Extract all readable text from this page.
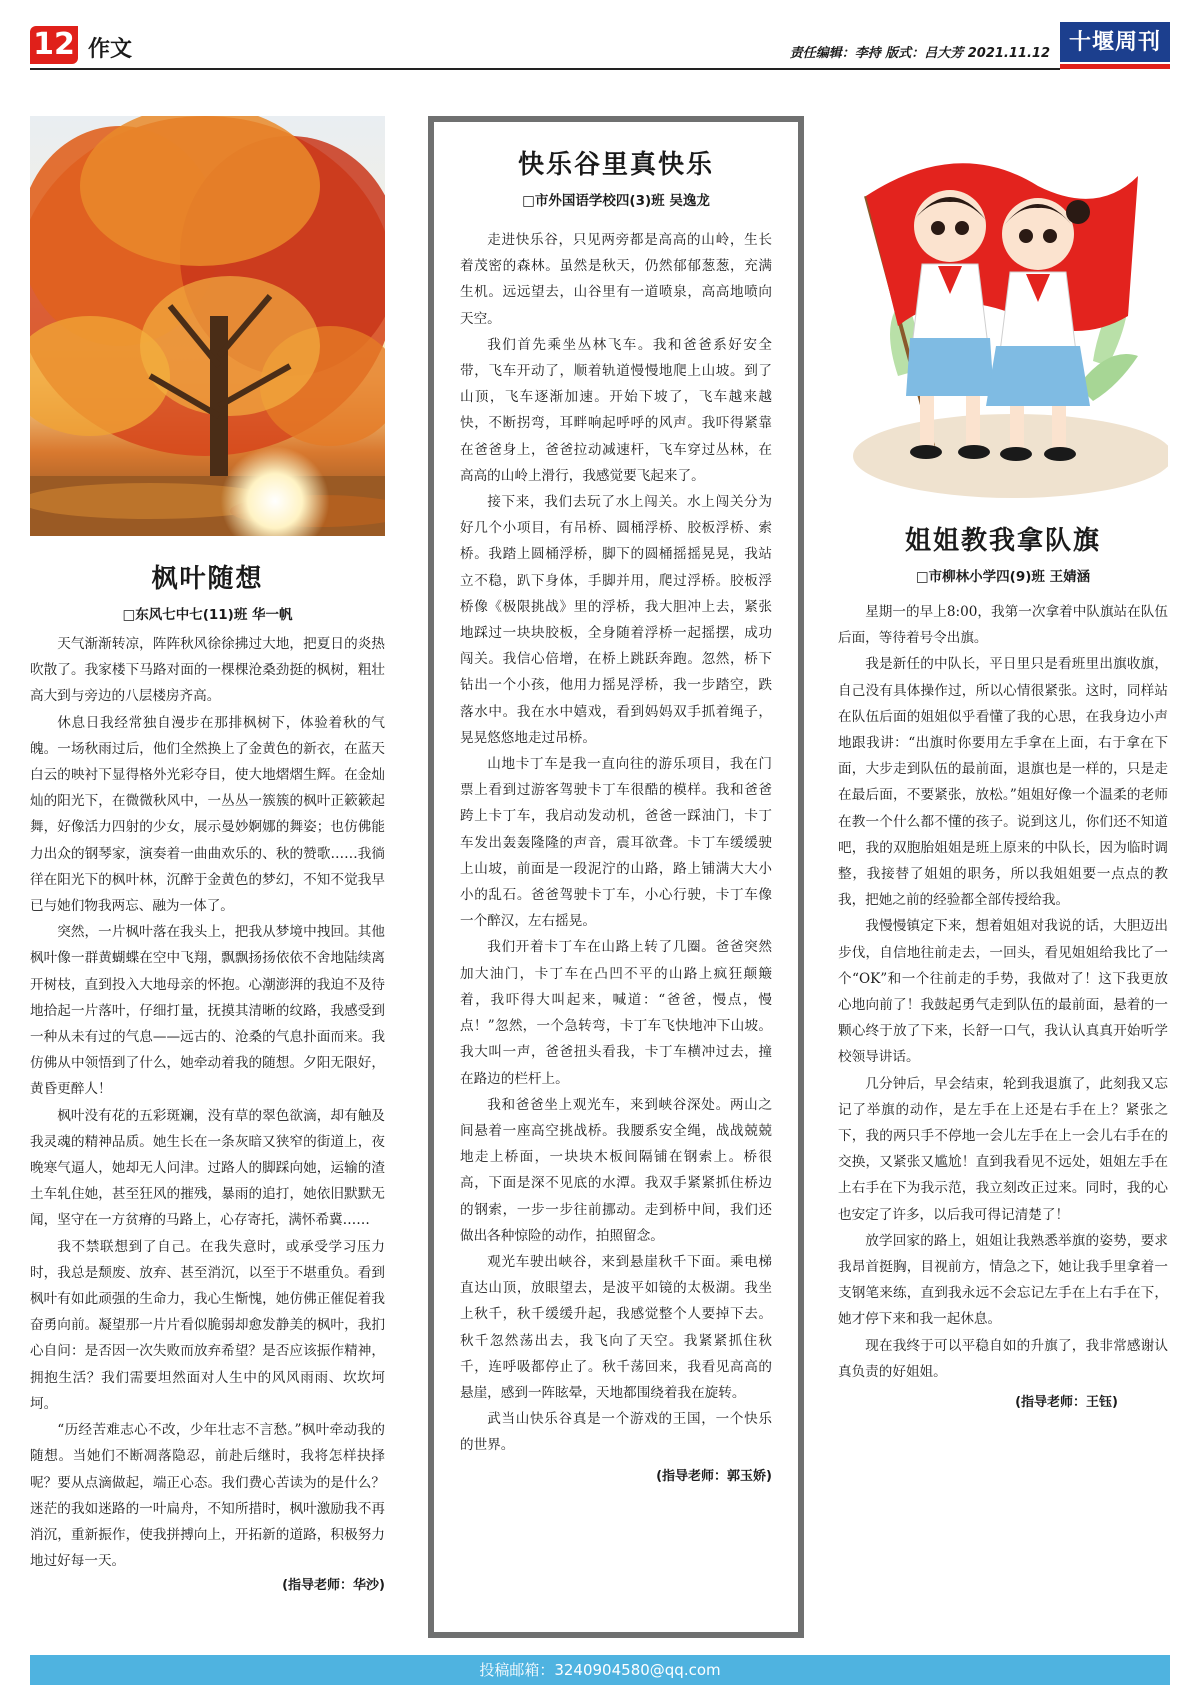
12 作文	责任编辑：李持 版式：吕大芳 2021.11.12 十堰周刊
枫叶随想
□东风七中七(11)班 华一帆

天气渐渐转凉，阵阵秋风徐徐拂过大地，把夏日的炎热吹散了。我家楼下马路对面的一棵棵沧桑劲挺的枫树，粗壮高大到与旁边的八层楼房齐高。

休息日我经常独自漫步在那排枫树下，体验着秋的气魄。一场秋雨过后，他们全然换上了金黄色的新衣，在蓝天白云的映衬下显得格外光彩夺目，使大地熠熠生辉。在金灿灿的阳光下，在微微秋风中，一丛丛一簇簇的枫叶正簌簌起舞，好像活力四射的少女，展示曼妙婀娜的舞姿；也仿佛能力出众的钢琴家，演奏着一曲曲欢乐的、秋的赞歌……我徜徉在阳光下的枫叶林，沉醉于金黄色的梦幻，不知不觉我早已与她们物我两忘、融为一体了。

突然，一片枫叶落在我头上，把我从梦境中拽回。其他枫叶像一群黄蝴蝶在空中飞翔，飘飘扬扬依依不舍地陆续离开树枝，直到投入大地母亲的怀抱。心潮澎湃的我迫不及待地拾起一片落叶，仔细打量，抚摸其清晰的纹路，我感受到一种从未有过的气息——远古的、沧桑的气息扑面而来。我仿佛从中领悟到了什么，她牵动着我的随想。夕阳无限好，黄昏更醉人！

枫叶没有花的五彩斑斓，没有草的翠色欲滴，却有触及我灵魂的精神品质。她生长在一条灰暗又狭窄的街道上，夜晚寒气逼人，她却无人问津。过路人的脚踩向她，运输的渣土车轧住她，甚至狂风的摧残，暴雨的追打，她依旧默默无闻，坚守在一方贫瘠的马路上，心存寄托，满怀希冀……

我不禁联想到了自己。在我失意时，或承受学习压力时，我总是颓废、放弃、甚至消沉，以至于不堪重负。看到枫叶有如此顽强的生命力，我心生惭愧，她仿佛正催促着我奋勇向前。凝望那一片片看似脆弱却愈发静美的枫叶，我扪心自问：是否因一次失败而放弃希望？是否应该振作精神，拥抱生活？我们需要坦然面对人生中的风风雨雨、坎坎坷坷。

“历经苦难志心不改，少年壮志不言愁。”枫叶牵动我的随想。当她们不断凋落隐忍，前赴后继时，我将怎样抉择呢？要从点滴做起，端正心态。我们费心苦读为的是什么？迷茫的我如迷路的一叶扁舟，不知所措时，枫叶激励我不再消沉，重新振作，使我拼搏向上，开拓新的道路，积极努力地过好每一天。

(指导老师：华沙)
快乐谷里真快乐
□市外国语学校四(3)班 吴逸龙

走进快乐谷，只见两旁都是高高的山岭，生长着茂密的森林。虽然是秋天，仍然郁郁葱葱，充满生机。远远望去，山谷里有一道喷泉，高高地喷向天空。

我们首先乘坐丛林飞车。我和爸爸系好安全带，飞车开动了，顺着轨道慢慢地爬上山坡。到了山顶，飞车逐渐加速。开始下坡了，飞车越来越快，不断拐弯，耳畔响起呼呼的风声。我吓得紧靠在爸爸身上，爸爸拉动减速杆，飞车穿过丛林，在高高的山岭上滑行，我感觉要飞起来了。

接下来，我们去玩了水上闯关。水上闯关分为好几个小项目，有吊桥、圆桶浮桥、胶板浮桥、索桥。我踏上圆桶浮桥，脚下的圆桶摇摇晃晃，我站立不稳，趴下身体，手脚并用，爬过浮桥。胶板浮桥像《极限挑战》里的浮桥，我大胆冲上去，紧张地踩过一块块胶板，全身随着浮桥一起摇摆，成功闯关。我信心倍增，在桥上跳跃奔跑。忽然，桥下钻出一个小孩，他用力摇晃浮桥，我一步踏空，跌落水中。我在水中嬉戏，看到妈妈双手抓着绳子，晃晃悠悠地走过吊桥。

山地卡丁车是我一直向往的游乐项目，我在门票上看到过游客驾驶卡丁车很酷的模样。我和爸爸跨上卡丁车，我启动发动机，爸爸一踩油门，卡丁车发出轰轰隆隆的声音，震耳欲聋。卡丁车缓缓驶上山坡，前面是一段泥泞的山路，路上铺满大大小小的乱石。爸爸驾驶卡丁车，小心行驶，卡丁车像一个醉汉，左右摇晃。

我们开着卡丁车在山路上转了几圈。爸爸突然加大油门，卡丁车在凸凹不平的山路上疯狂颠簸着，我吓得大叫起来，喊道：“爸爸，慢点，慢点！”忽然，一个急转弯，卡丁车飞快地冲下山坡。我大叫一声，爸爸扭头看我，卡丁车横冲过去，撞在路边的栏杆上。

我和爸爸坐上观光车，来到峡谷深处。两山之间悬着一座高空挑战桥。我腰系安全绳，战战兢兢地走上桥面，一块块木板间隔铺在钢索上。桥很高，下面是深不见底的水潭。我双手紧紧抓住桥边的钢索，一步一步往前挪动。走到桥中间，我们还做出各种惊险的动作，拍照留念。

观光车驶出峡谷，来到悬崖秋千下面。乘电梯直达山顶，放眼望去，是波平如镜的太极湖。我坐上秋千，秋千缓缓升起，我感觉整个人要掉下去。秋千忽然荡出去，我飞向了天空。我紧紧抓住秋千，连呼吸都停止了。秋千荡回来，我看见高高的悬崖，感到一阵眩晕，天地都围绕着我在旋转。

武当山快乐谷真是一个游戏的王国，一个快乐的世界。

(指导老师：郭玉娇)
姐姐教我拿队旗
□市柳林小学四(9)班 王婧涵

星期一的早上8:00，我第一次拿着中队旗站在队伍后面，等待着号令出旗。

我是新任的中队长，平日里只是看班里出旗收旗，自己没有具体操作过，所以心情很紧张。这时，同样站在队伍后面的姐姐似乎看懂了我的心思，在我身边小声地跟我讲：“出旗时你要用左手拿在上面，右于拿在下面，大步走到队伍的最前面，退旗也是一样的，只是走在最后面，不要紧张，放松。”姐姐好像一个温柔的老师在教一个什么都不懂的孩子。说到这儿，你们还不知道吧，我的双胞胎姐姐是班上原来的中队长，因为临时调整，我接替了姐姐的职务，所以我姐姐要一点点的教我，把她之前的经验都全部传授给我。

我慢慢镇定下来，想着姐姐对我说的话，大胆迈出步伐，自信地往前走去，一回头，看见姐姐给我比了一个“OK”和一个往前走的手势，我做对了！这下我更放心地向前了！我鼓起勇气走到队伍的最前面，悬着的一颗心终于放了下来，长舒一口气，我认认真真开始听学校领导讲话。

几分钟后，早会结束，轮到我退旗了，此刻我又忘记了举旗的动作，是左手在上还是右手在上？紧张之下，我的两只手不停地一会儿左手在上一会儿右手在的交换，又紧张又尴尬！直到我看见不远处，姐姐左手在上右手在下为我示范，我立刻改正过来。同时，我的心也安定了许多，以后我可得记清楚了！

放学回家的路上，姐姐让我熟悉举旗的姿势，要求我昂首挺胸，目视前方，情急之下，她让我手里拿着一支钢笔来练，直到我永远不会忘记左手在上右手在下，她才停下来和我一起休息。

现在我终于可以平稳自如的升旗了，我非常感谢认真负责的好姐姐。

(指导老师：王钰)
投稿邮箱：3240904580@qq.com
